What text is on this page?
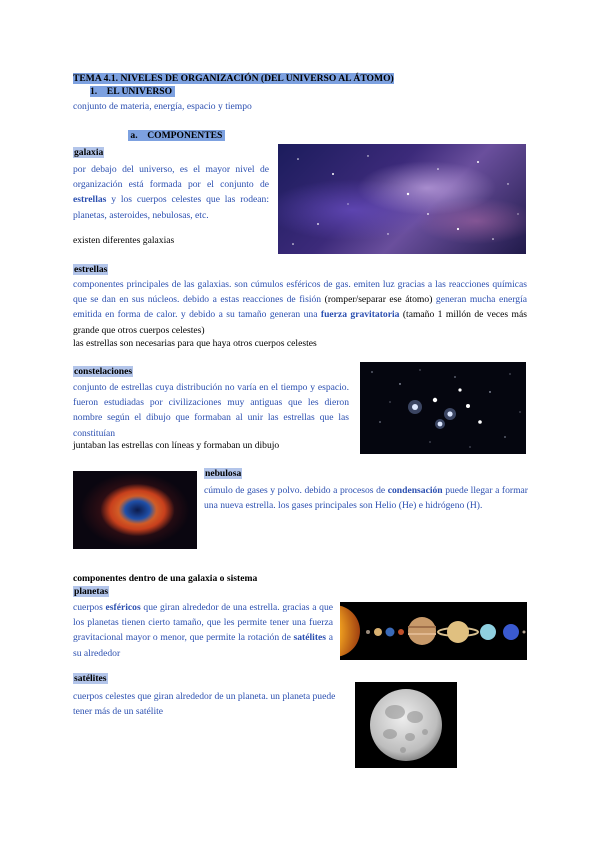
TEMA 4.1. NIVELES DE ORGANIZACIÓN (DEL UNIVERSO AL ÁTOMO)
1. EL UNIVERSO
conjunto de materia, energía, espacio y tiempo
a. COMPONENTES
galaxia
por debajo del universo, es el mayor nivel de organización está formada por el conjunto de estrellas y los cuerpos celestes que las rodean: planetas, asteroides, nebulosas, etc.
existen diferentes galaxias
estrellas
componentes principales de las galaxias. son cúmulos esféricos de gas. emiten luz gracias a las reacciones químicas que se dan en sus núcleos. debido a estas reacciones de fisión (romper/separar ese átomo) generan mucha energía emitida en forma de calor. y debido a su tamaño generan una fuerza gravitatoria (tamaño 1 millón de veces más grande que otros cuerpos celestes)
las estrellas son necesarias para que haya otros cuerpos celestes
constelaciones
conjunto de estrellas cuya distribución no varía en el tiempo y espacio. fueron estudiadas por civilizaciones muy antiguas que les dieron nombre según el dibujo que formaban al unir las estrellas que las constituían
juntaban las estrellas con líneas y formaban un dibujo
nebulosa
cúmulo de gases y polvo. debido a procesos de condensación puede llegar a formar una nueva estrella. los gases principales son Helio (He) e hidrógeno (H).
componentes dentro de una galaxia o sistema
planetas
cuerpos esféricos que giran alrededor de una estrella. gracias a que los planetas tienen cierto tamaño, que les permite tener una fuerza gravitacional mayor o menor, que permite la rotación de satélites a su alrededor
satélites
cuerpos celestes que giran alrededor de un planeta. un planeta puede tener más de un satélite
